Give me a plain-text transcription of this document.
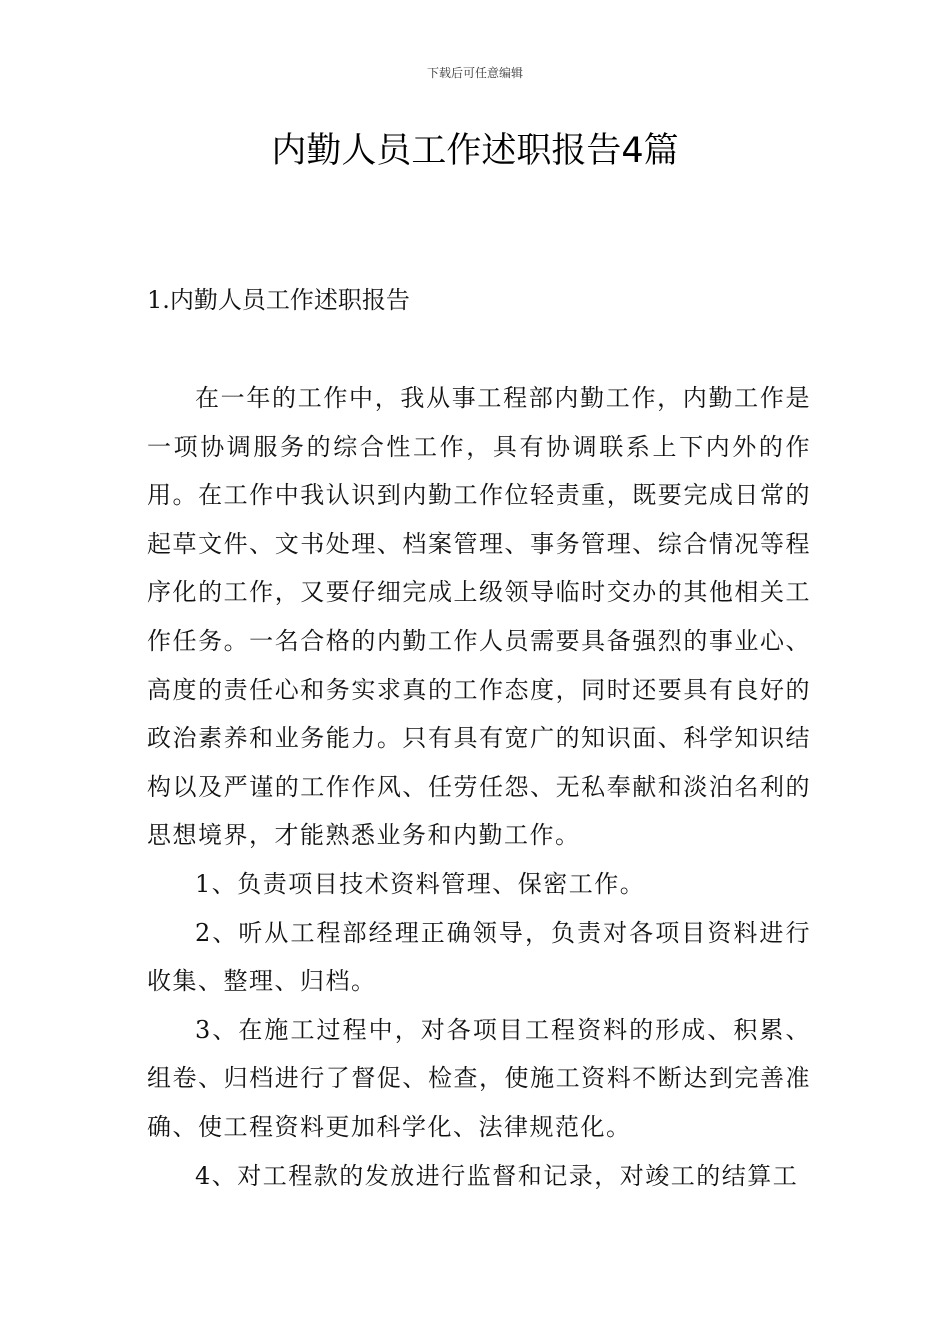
下载后可任意编辑
内勤人员工作述职报告4篇
1.内勤人员工作述职报告

在一年的工作中，我从事工程部内勤工作，内勤工作是一项协调服务的综合性工作，具有协调联系上下内外的作用。在工作中我认识到内勤工作位轻责重，既要完成日常的起草文件、文书处理、档案管理、事务管理、综合情况等程序化的工作，又要仔细完成上级领导临时交办的其他相关工作任务。一名合格的内勤工作人员需要具备强烈的事业心、高度的责任心和务实求真的工作态度，同时还要具有良好的政治素养和业务能力。只有具有宽广的知识面、科学知识结构以及严谨的工作作风、任劳任怨、无私奉献和淡泊名利的思想境界，才能熟悉业务和内勤工作。

1、负责项目技术资料管理、保密工作。

2、听从工程部经理正确领导，负责对各项目资料进行收集、整理、归档。

3、在施工过程中，对各项目工程资料的形成、积累、组卷、归档进行了督促、检查，使施工资料不断达到完善准确、使工程资料更加科学化、法律规范化。

4、对工程款的发放进行监督和记录，对竣工的结算工
